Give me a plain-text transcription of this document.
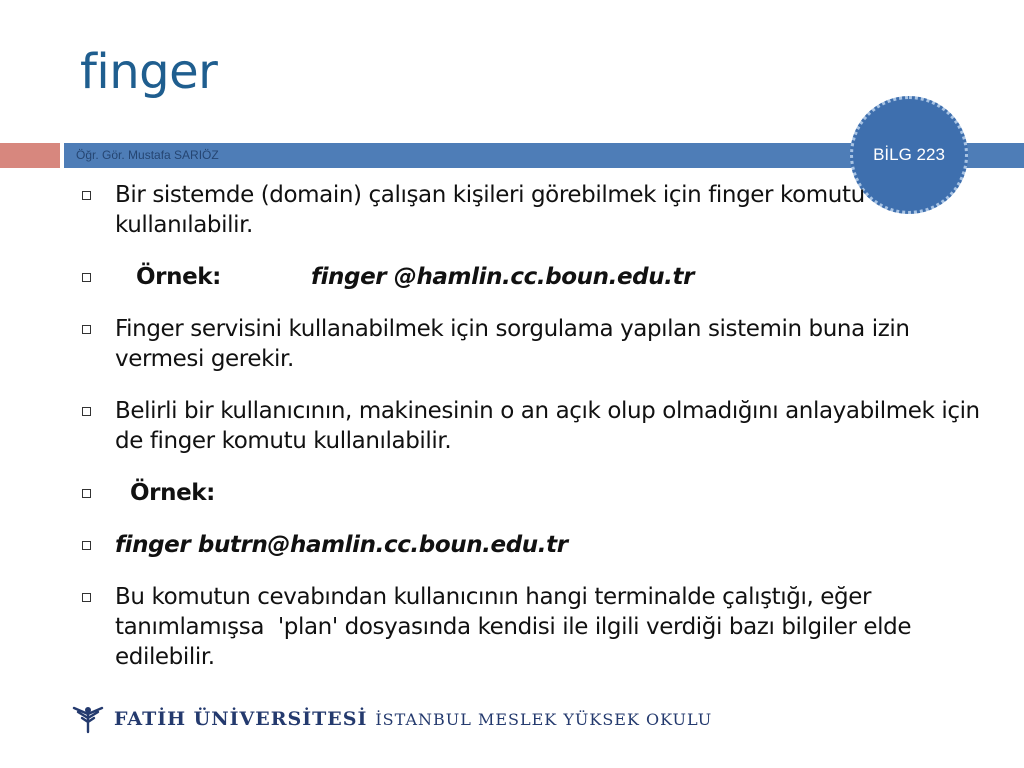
finger
Öğr. Gör. Mustafa SARIÖZ	BİLG 223
Bir sistemde (domain) çalışan kişileri görebilmek için finger komutu kullanılabilir.
Örnek:	finger @hamlin.cc.boun.edu.tr
Finger servisini kullanabilmek için sorgulama yapılan sistemin buna izin vermesi gerekir.
Belirli bir kullanıcının, makinesinin o an açık olup olmadığını anlayabilmek için de finger komutu kullanılabilir.
Örnek:
finger butrn@hamlin.cc.boun.edu.tr
Bu komutun cevabından kullanıcının hangi terminalde çalıştığı, eğer tanımlamışsa  'plan' dosyasında kendisi ile ilgili verdiği bazı bilgiler elde edilebilir.
FATİH ÜNİVERSİTESİ İSTANBUL MESLEK YÜKSEK OKULU
